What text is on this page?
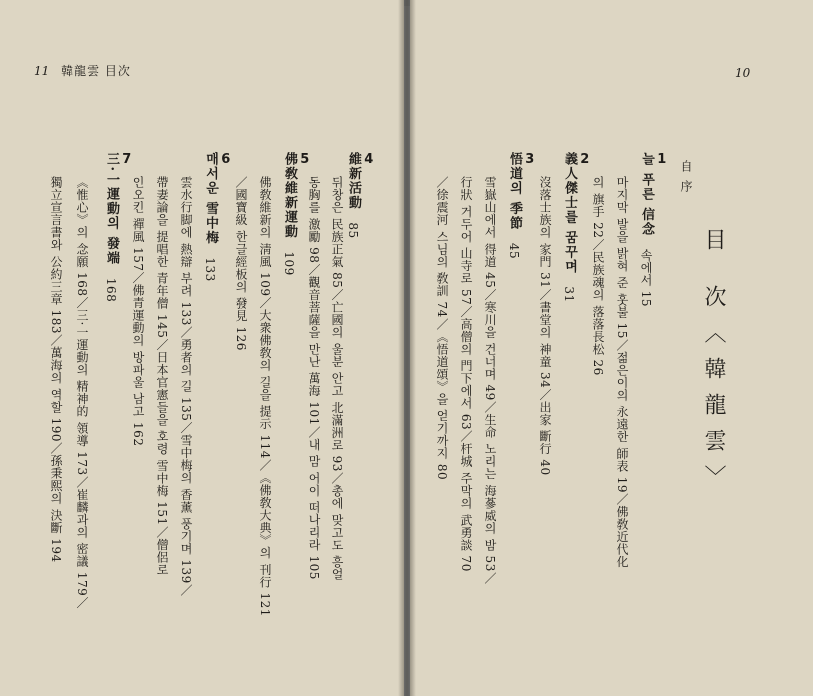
11 韓龍雲 目次
4
維新活動 85
뒤창은 民族正氣 85／亡國의 울분 안고 北滿洲로 93／총에 맞고도 흥얼
동胸를 激勵 98／觀音菩薩을 만난 萬海 101／내 맘 어이 떠나리라 105
5
佛敎維新運動 109
佛敎維新의 淸風 109／大衆佛敎의 길을 提示 114／《佛敎大典》의 刊行 121
／國寶級 한글經板의 發見 126
6
매서운 雪中梅 133
雲水行脚에 熱辯 부려 133／勇者의 길 135／雪中梅의 香薰 풍기며 139／
帶妻論을 提唱한 青年僧 145／日本官憲들을 호령 雪中梅 151／僧侶로
인오킨 禪風 157／佛青運動의 방파울 남고 162
7
三·一運動의 發端 168
《惟心》의 念願 168／三·一運動의 精神的 領導 173／崔麟과의 密議 179／
獨立宣言書와 公約三章 183／萬海의 역할 190／孫秉熙의 決斷 194
10
目 次〈韓龍雲〉
自 序
1
늘 푸른 信念 속에서 15
마지막 발을 밝혀 준 훗불 15／젊은이의 永遠한 師表 19／佛敎近代化
의 旗手 22／民族魂의 落落長松 26
2
義人傑士를 꿈꾸며 31
沒落士族의 家門 31／書堂의 神童 34／出家 斷行 40
3
悟道의 季節 45
雪嶽山에서 得道 45／寒川을 건너며 49／生命 노리는 海蔘威의 밤 53／
行狀 거두어 山寺로 57／高僧의 門下에서 63／杆城 주막의 武勇談 70
／徐震河 스님의 敎訓 74／《悟道頌》을 얻기까지 80
